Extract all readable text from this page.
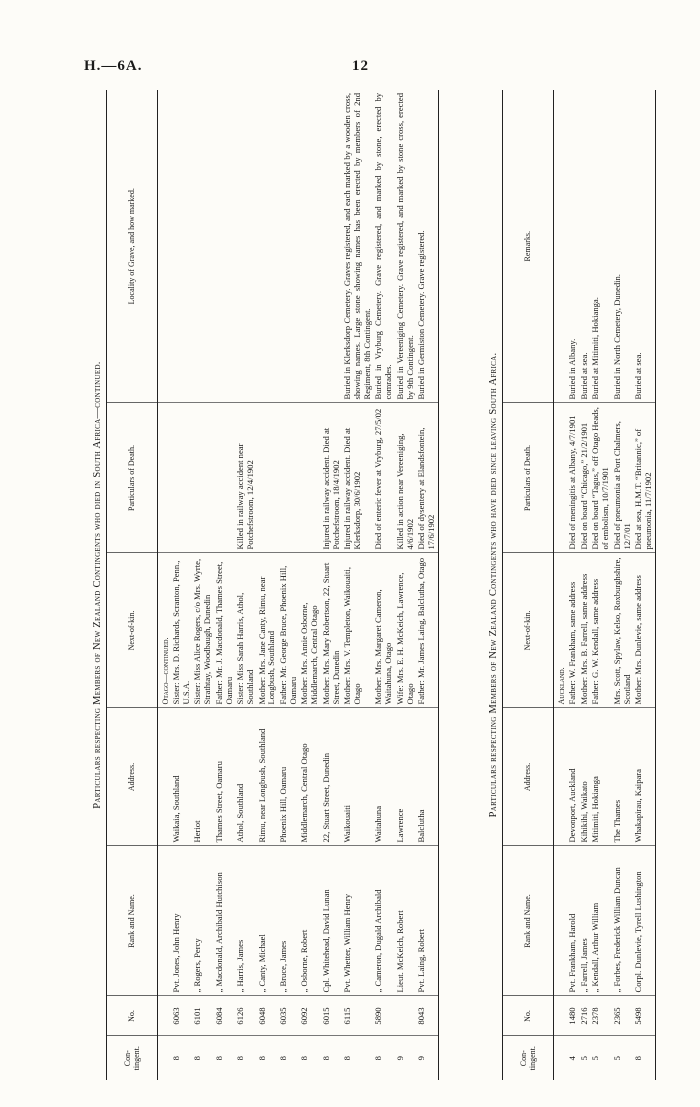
H.—6A.	12
Particulars respecting Members of New Zealand Contingents who died in South Africa—continued.
Con-tingent.	No.	Rank and Name.	Address.	Next-of-kin.	Particulars of Death.	Locality of Grave, and how marked.
				Otago—continued.		
8	6063	Pvt. Jones, John Henry	Waikaia, Southland	Sister: Mrs. D. Richards, Scranton, Penn., U.S.A.		
8	6101	„ Rogers, Percy	Heriot	Sister: Miss Alice Rogers, c/o Mrs. Wyrte, Strathtay, Woodbaugh, Dunedin		
8	6084	„ Macdonald, Archibald Hutchison	Thames Street, Oamaru	Father: Mr. J. Macdonald, Thames Street, Oamaru		
8	6126	„ Harris, James	Athol, Southland	Sister: Miss Sarah Harris, Athol, Southland	Killed in railway accident near Potchefstroom, 12/4/1902	
8	6048	„ Canty, Michael	Rimu, near Longbush, Southland	Mother: Mrs. Jane Canty, Rimu, near Longbush, Southland		
8	6035	„ Bruce, James	Phoenix Hill, Oamaru	Father: Mr. George Bruce, Phoenix Hill, Oamaru		
8	6092	„ Osborne, Robert	Middlemarch, Central Otago	Mother: Mrs. Annie Osborne, Middlemarch, Central Otago		
8	6015	Cpl. Whitehead, David Lunan	22, Stuart Street, Dunedin	Mother: Mrs. Mary Robertson, 22, Stuart Street, Dunedin	Injured in railway accident. Died at Potchefstroom, 18/4/1902	
8	6115	Pvt. Whetter, William Henry	Waikouaiti	Mother: Mrs. V. Templeton, Waikouaiti, Otago	Injured in railway accident. Died at Klerksdorp, 30/6/1902	Buried in Klerksdorp Cemetery. Graves registered, and each marked by a wooden cross, showing names. Large stone showing names has been erected by members of 2nd Regiment, 8th Contingent.
8	5890	„ Cameron, Dugald Archibald	Waitahuna	Mother: Mrs. Margaret Cameron, Waitahuna, Otago	Died of enteric fever at Vryburg, 27/5/02	Buried in Vryburg Cemetery. Grave registered, and marked by stone, erected by comrades.
9		Lieut. McKeich, Robert	Lawrence	Wife: Mrs. E. H. McKeich, Lawrence, Otago	Killed in action near Vereeniging, 4/6/1902	Buried in Vereeniging Cemetery. Grave registered, and marked by stone cross, erected by 9th Contingent.
9	8043	Pvt. Laing, Robert	Balclutha	Father: Mr. James Laing, Balclutha, Otago	Died of dysentery at Elandsfontein, 17/6/1902	Buried in Germiston Cemetery. Grave registered.
Particulars respecting Members of New Zealand Contingents who have died since leaving South Africa.
Con-tingent.	No.	Rank and Name.	Address.	Next-of-kin.	Particulars of Death.	Remarks.
				Auckland.		
4	1480	Pvt. Frankham, Harold	Devonport, Auckland	Father: W. Frankham, same address	Died of meningitis at Albany, 4/7/1901	Buried in Albany.
5	2716	„ Farrell, James	Kihikihi, Waikato	Mother: Mrs. B. Farrell, same address	Died on board “Chicago,” 21/2/1901	Buried at sea.
5	2378	„ Kendall, Arthur William	Mitimiti, Hokianga	Father: G. W. Kendall, same address	Died on board “Tagus,” off Otago Heads, of embolism, 10/7/1901	Buried at Mitimiti, Hokianga.
5	2365	„ Forbes, Frederick William Duncan	The Thames	Mrs. Scott, Spylaw, Kelso, Roxburghshire, Scotland	Died of pneumonia at Port Chalmers, 12/7/01	Buried in North Cemetery, Dunedin.
8	5498	Corpl. Dunlevie, Tyrell Lushington	Whakapirau, Kaipara	Mother: Mrs. Dunlevie, same address	Died at sea, H.M.T. “Britannic,” of pneumonia, 11/7/1902	Buried at sea.
